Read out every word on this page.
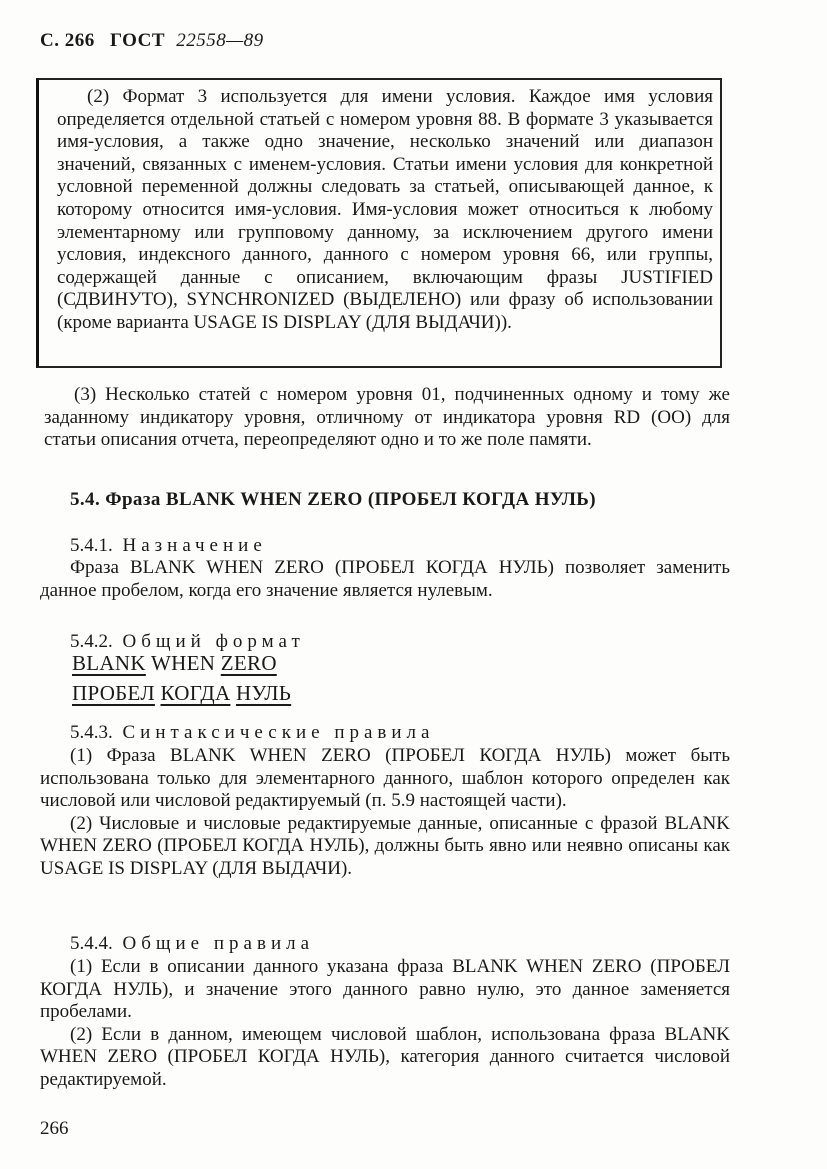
С. 266 ГОСТ 22558—89

(2) Формат 3 используется для имени условия. Каждое имя условия определяется отдельной статьей с номером уровня 88. В формате 3 указывается имя-условия, а также одно значение, несколько значений или диапазон значений, связанных с именем-условия. Статьи имени условия для конкретной условной переменной должны следовать за статьей, описывающей данное, к которому относится имя-условия. Имя-условия может относиться к любому элементарному или групповому данному, за исключением другого имени условия, индексного данного, данного с номером уровня 66, или группы, содержащей данные с описанием, включающим фразы JUSTIFIED (СДВИНУТО), SYNCHRONIZED (ВЫДЕЛЕНО) или фразу об использовании (кроме варианта USAGE IS DISPLAY (ДЛЯ ВЫДАЧИ)).

(3) Несколько статей с номером уровня 01, подчиненных одному и тому же заданному индикатору уровня, отличному от индикатора уровня RD (OO) для статьи описания отчета, переопределяют одно и то же поле памяти.

5.4. Фраза BLANK WHEN ZERO (ПРОБЕЛ КОГДА НУЛЬ)
5.4.1. Назначение

Фраза BLANK WHEN ZERO (ПРОБЕЛ КОГДА НУЛЬ) позволяет заменить данное пробелом, когда его значение является нулевым.

5.4.2. Общий формат
BLANK WHEN ZERO
ПРОБЕЛ КОГДА НУЛЬ
5.4.3. Синтаксические правила

(1) Фраза BLANK WHEN ZERO (ПРОБЕЛ КОГДА НУЛЬ) может быть использована только для элементарного данного, шаблон которого определен как числовой или числовой редактируемый (п. 5.9 настоящей части).

(2) Числовые и числовые редактируемые данные, описанные с фразой BLANK WHEN ZERO (ПРОБЕЛ КОГДА НУЛЬ), должны быть явно или неявно описаны как USAGE IS DISPLAY (ДЛЯ ВЫДАЧИ).

5.4.4. Общие правила

(1) Если в описании данного указана фраза BLANK WHEN ZERO (ПРОБЕЛ КОГДА НУЛЬ), и значение этого данного равно нулю, это данное заменяется пробелами.

(2) Если в данном, имеющем числовой шаблон, использована фраза BLANK WHEN ZERO (ПРОБЕЛ КОГДА НУЛЬ), категория данного считается числовой редактируемой.

266
